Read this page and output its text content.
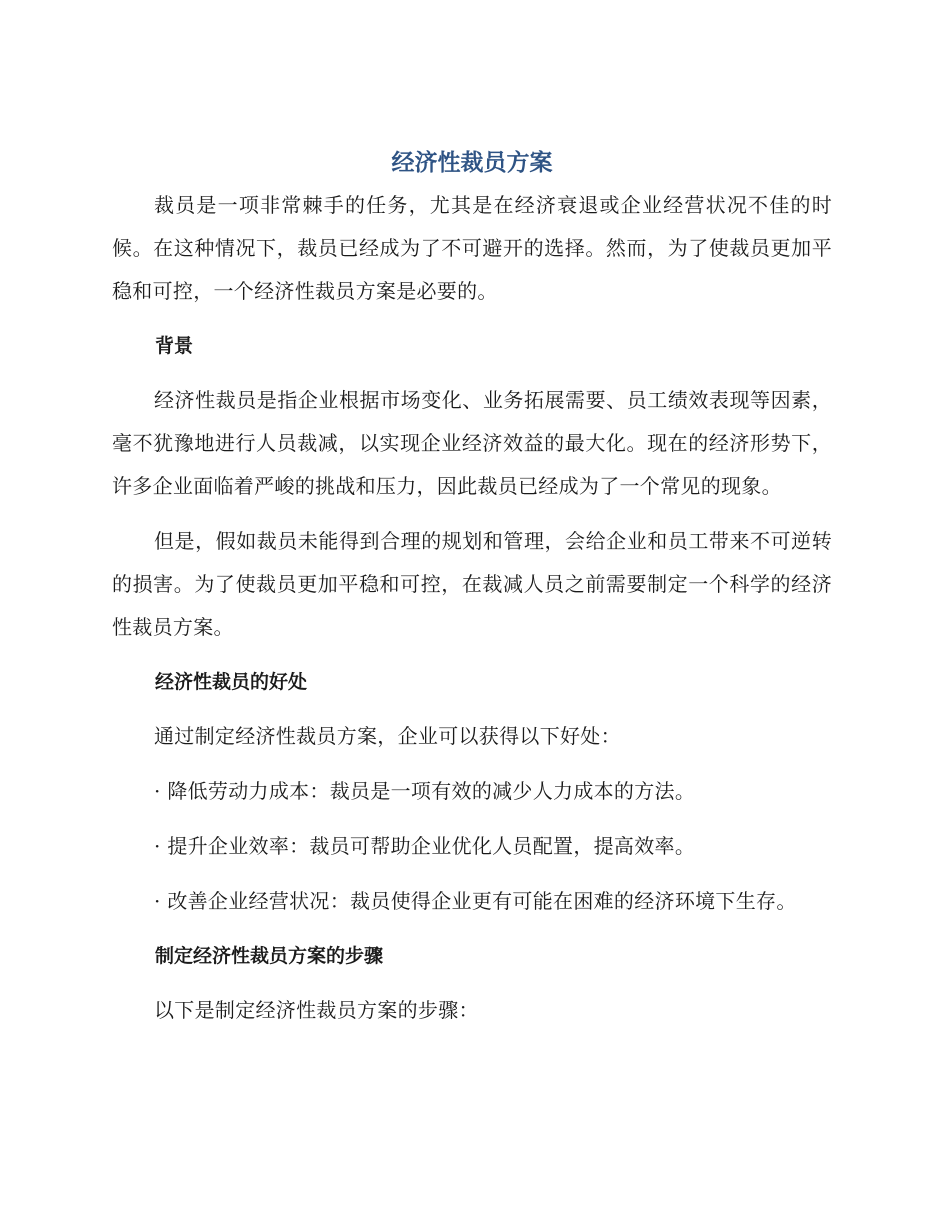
经济性裁员方案

裁员是一项非常棘手的任务，尤其是在经济衰退或企业经营状况不佳的时候。在这种情况下，裁员已经成为了不可避开的选择。然而，为了使裁员更加平稳和可控，一个经济性裁员方案是必要的。

背景

经济性裁员是指企业根据市场变化、业务拓展需要、员工绩效表现等因素，毫不犹豫地进行人员裁减，以实现企业经济效益的最大化。现在的经济形势下，许多企业面临着严峻的挑战和压力，因此裁员已经成为了一个常见的现象。

但是，假如裁员未能得到合理的规划和管理，会给企业和员工带来不可逆转的损害。为了使裁员更加平稳和可控，在裁减人员之前需要制定一个科学的经济性裁员方案。

经济性裁员的好处

通过制定经济性裁员方案，企业可以获得以下好处：

· 降低劳动力成本：裁员是一项有效的减少人力成本的方法。

· 提升企业效率：裁员可帮助企业优化人员配置，提高效率。

· 改善企业经营状况：裁员使得企业更有可能在困难的经济环境下生存。

制定经济性裁员方案的步骤

以下是制定经济性裁员方案的步骤：
